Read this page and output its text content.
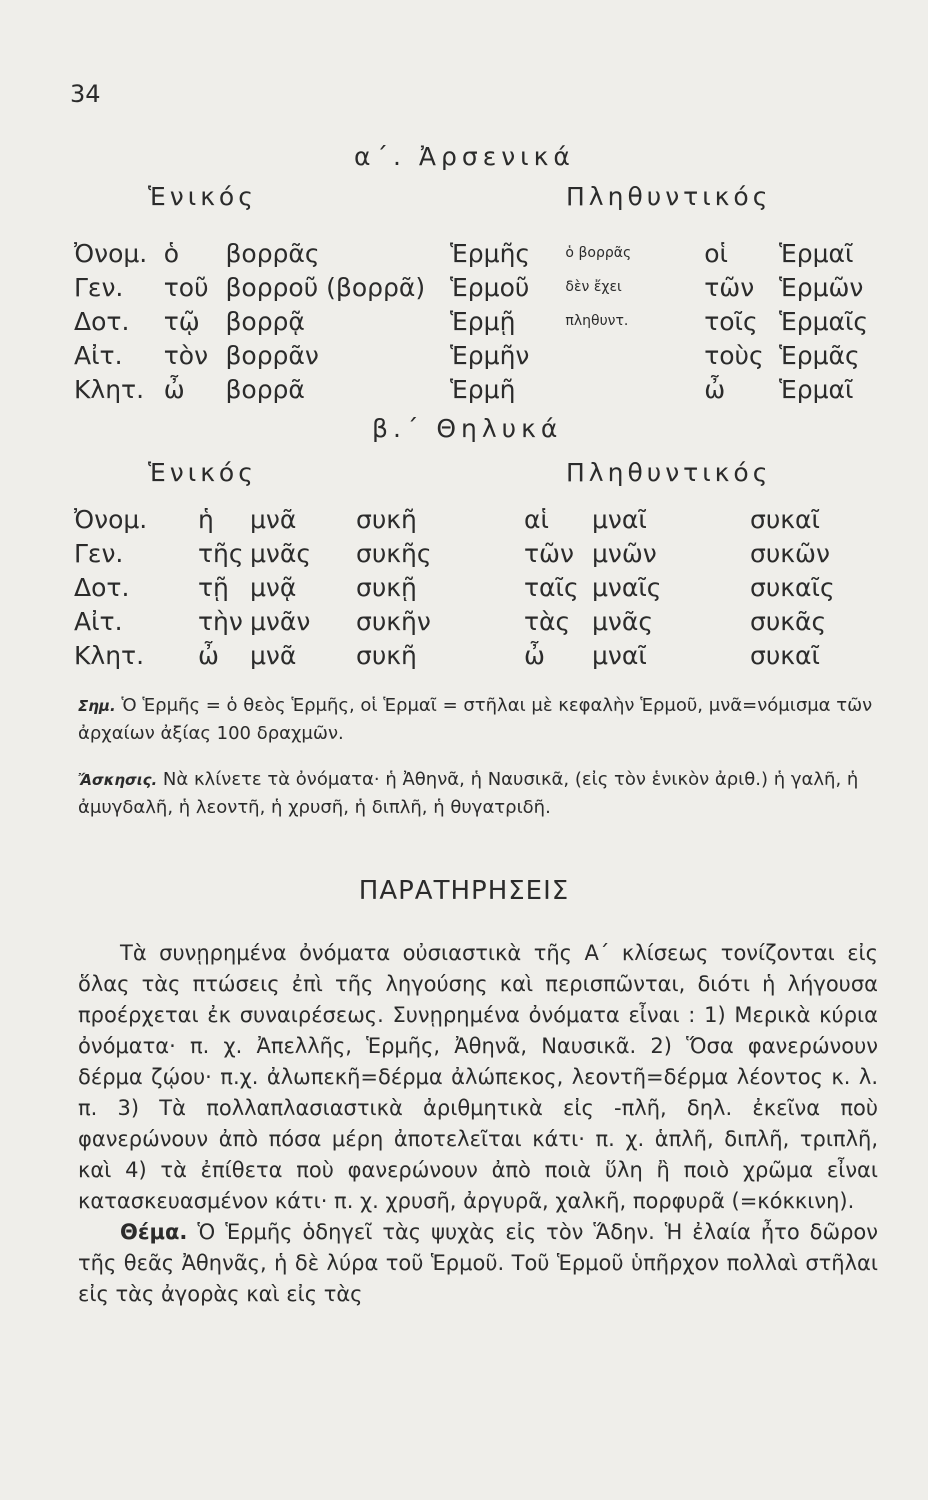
34
α΄. Ἀρσενικά
Ἑνικός	Πληθυντικός
Ὀνομ.	ὁ	βορρᾶς	Ἑρμῆς	ὁ βορρᾶς	οἱ	Ἑρμαῖ
Γεν.	τοῦ	βορροῦ (βορρᾶ)	Ἑρμοῦ	δὲν ἔχει	τῶν	Ἑρμῶν
Δοτ.	τῷ	βορρᾷ	Ἑρμῇ	πληθυντ.	τοῖς	Ἑρμαῖς
Αἰτ.	τὸν	βορρᾶν	Ἑρμῆν		τοὺς	Ἑρμᾶς
Κλητ.	ὦ	βορρᾶ	Ἑρμῆ		ὦ	Ἑρμαῖ
β.΄ Θηλυκά
Ἑνικός	Πληθυντικός
Ὀνομ.	ἡ	μνᾶ	συκῆ	αἱ	μναῖ	συκαῖ
Γεν.	τῆς	μνᾶς	συκῆς	τῶν	μνῶν	συκῶν
Δοτ.	τῇ	μνᾷ	συκῇ	ταῖς	μναῖς	συκαῖς
Αἰτ.	τὴν	μνᾶν	συκῆν	τὰς	μνᾶς	συκᾶς
Κλητ.	ὦ	μνᾶ	συκῆ	ὦ	μναῖ	συκαῖ
Σημ. Ὁ Ἑρμῆς = ὁ θεὸς Ἑρμῆς, οἱ Ἑρμαῖ = στῆλαι μὲ κεφαλὴν Ἑρμοῦ, μνᾶ=νόμισμα τῶν ἀρχαίων ἀξίας 100 δραχμῶν.
Ἄσκησις. Νὰ κλίνετε τὰ ὀνόματα· ἡ Ἀθηνᾶ, ἡ Ναυσικᾶ, (εἰς τὸν ἑνικὸν ἀριθ.) ἡ γαλῆ, ἡ ἀμυγδαλῆ, ἡ λεοντῆ, ἡ χρυσῆ, ἡ διπλῆ, ἡ θυγατριδῆ.
ΠΑΡΑΤΗΡΗΣΕΙΣ

Τὰ συνῃρημένα ὀνόματα οὐσιαστικὰ τῆς Α΄ κλίσεως τονίζονται εἰς ὅλας τὰς πτώσεις ἐπὶ τῆς ληγούσης καὶ περισπῶνται, διότι ἡ λήγουσα προέρχεται ἐκ συναιρέσεως. Συνῃρημένα ὀνόματα εἶναι : 1) Μερικὰ κύρια ὀνόματα· π. χ. Ἀπελλῆς, Ἑρμῆς, Ἀθηνᾶ, Ναυσικᾶ. 2) Ὅσα φανερώνουν δέρμα ζῴου· π.χ. ἀλωπεκῆ=δέρμα ἀλώπεκος, λεοντῆ=δέρμα λέοντος κ. λ. π. 3) Τὰ πολλαπλασιαστικὰ ἀριθμητικὰ εἰς -πλῆ, δηλ. ἐκεῖνα ποὺ φανερώνουν ἀπὸ πόσα μέρη ἀποτελεῖται κάτι· π. χ. ἁπλῆ, διπλῆ, τριπλῆ, καὶ 4) τὰ ἐπίθετα ποὺ φανερώνουν ἀπὸ ποιὰ ὕλη ἢ ποιὸ χρῶμα εἶναι κατασκευασμένον κάτι· π. χ. χρυσῆ, ἀργυρᾶ, χαλκῆ, πορφυρᾶ (=κόκκινη).

Θέμα. Ὁ Ἑρμῆς ὁδηγεῖ τὰς ψυχὰς εἰς τὸν Ἅδην. Ἡ ἐλαία ἦτο δῶρον τῆς θεᾶς Ἀθηνᾶς, ἡ δὲ λύρα τοῦ Ἑρμοῦ. Τοῦ Ἑρμοῦ ὑπῆρχον πολλαὶ στῆλαι εἰς τὰς ἀγορὰς καὶ εἰς τὰς
